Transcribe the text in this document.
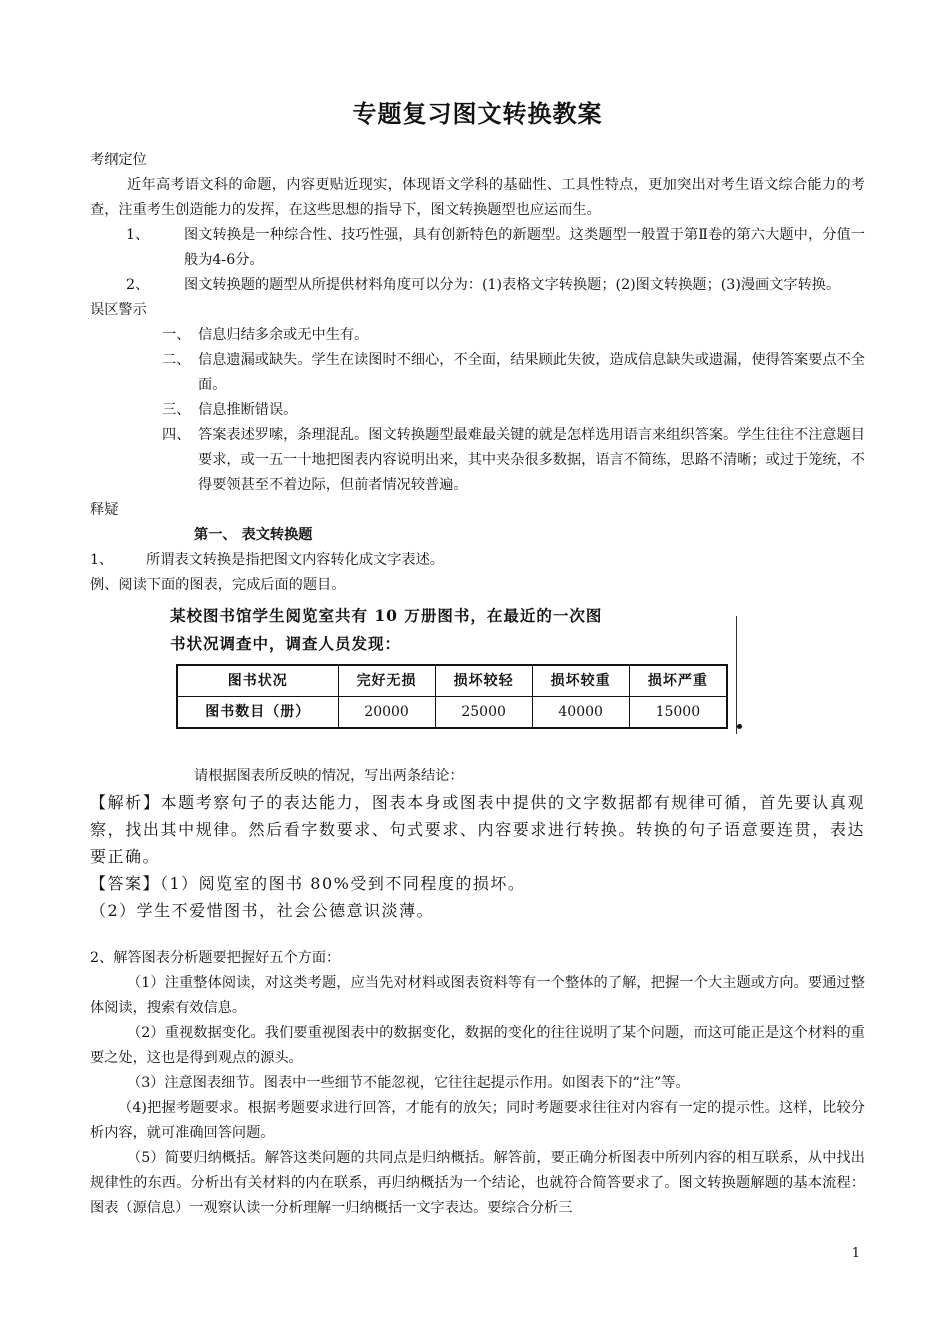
专题复习图文转换教案
考纲定位
近年高考语文科的命题，内容更贴近现实，体现语文学科的基础性、工具性特点，更加突出对考生语文综合能力的考查，注重考生创造能力的发挥，在这些思想的指导下，图文转换题型也应运而生。
1、	图文转换是一种综合性、技巧性强，具有创新特色的新题型。这类题型一般置于第Ⅱ卷的第六大题中，分值一般为4-6分。
2、	图文转换题的题型从所提供材料角度可以分为：(1)表格文字转换题；(2)图文转换题；(3)漫画文字转换。
误区警示
一、 信息归结多余或无中生有。
二、 信息遗漏或缺失。学生在读图时不细心，不全面，结果顾此失彼，造成信息缺失或遗漏，使得答案要点不全面。
三、 信息推断错误。
四、 答案表述罗嗦，条理混乱。图文转换题型最难最关键的就是怎样选用语言来组织答案。学生往往不注意题目要求，或一五一十地把图表内容说明出来，其中夹杂很多数据，语言不简练，思路不清晰；或过于笼统，不得要领甚至不着边际，但前者情况较普遍。
释疑
第一、 表文转换题
1、	所谓表文转换是指把图文内容转化成文字表述。
例、阅读下面的图表，完成后面的题目。
某校图书馆学生阅览室共有 10 万册图书，在最近的一次图
书状况调查中，调查人员发现：
图书状况	完好无损	损坏较轻	损坏较重	损坏严重
图书数目（册）	20000	25000	40000	15000
请根据图表所反映的情况，写出两条结论：
【解析】本题考察句子的表达能力，图表本身或图表中提供的文字数据都有规律可循，首先要认真观察，找出其中规律。然后看字数要求、句式要求、内容要求进行转换。转换的句子语意要连贯，表达要正确。
【答案】（1）阅览室的图书 80%受到不同程度的损坏。
（2）学生不爱惜图书，社会公德意识淡薄。
2、解答图表分析题要把握好五个方面：
（1）注重整体阅读，对这类考题，应当先对材料或图表资料等有一个整体的了解，把握一个大主题或方向。要通过整体阅读，搜索有效信息。
（2）重视数据变化。我们要重视图表中的数据变化，数据的变化的往往说明了某个问题，而这可能正是这个材料的重要之处，这也是得到观点的源头。
（3）注意图表细节。图表中一些细节不能忽视，它往往起提示作用。如图表下的“注”等。
（4)把握考题要求。根据考题要求进行回答，才能有的放矢；同时考题要求往往对内容有一定的提示性。这样，比较分析内容，就可准确回答问题。
（5）简要归纳概括。解答这类问题的共同点是归纳概括。解答前，要正确分析图表中所列内容的相互联系，从中找出规律性的东西。分析出有关材料的内在联系，再归纳概括为一个结论，也就符合简答要求了。图文转换题解题的基本流程：图表（源信息）一观察认读一分析理解一归纳概括一文字表达。要综合分析三
1
